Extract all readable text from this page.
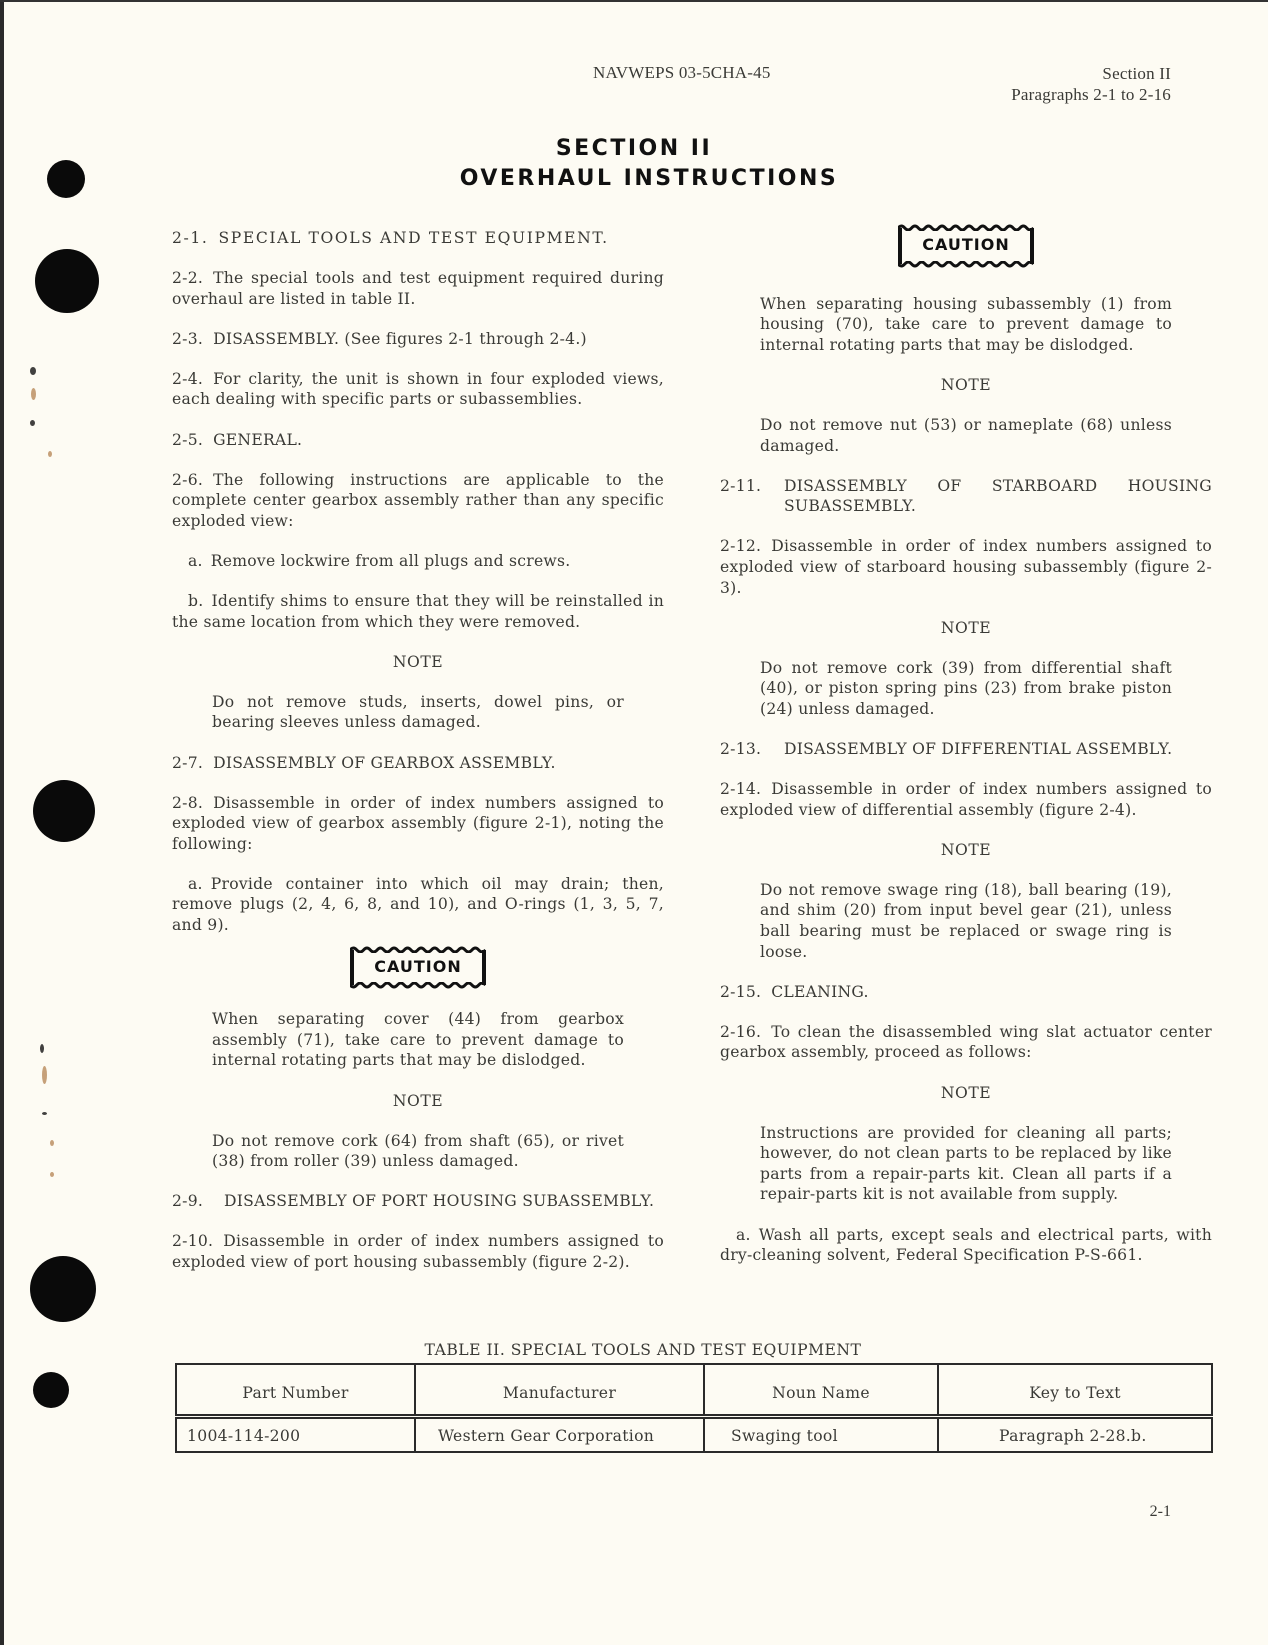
NAVWEPS 03-5CHA-45	Section II
Paragraphs 2-1 to 2-16
SECTION II
OVERHAUL INSTRUCTIONS

2-1. SPECIAL TOOLS AND TEST EQUIPMENT.

2-2. The special tools and test equipment required during overhaul are listed in table II.

2-3. DISASSEMBLY. (See figures 2-1 through 2-4.)

2-4. For clarity, the unit is shown in four exploded views, each dealing with specific parts or subassemblies.

2-5. GENERAL.

2-6. The following instructions are applicable to the complete center gearbox assembly rather than any specific exploded view:

a. Remove lockwire from all plugs and screws.

b. Identify shims to ensure that they will be reinstalled in the same location from which they were removed.

NOTE

Do not remove studs, inserts, dowel pins, or bearing sleeves unless damaged.

2-7. DISASSEMBLY OF GEARBOX ASSEMBLY.

2-8. Disassemble in order of index numbers assigned to exploded view of gearbox assembly (figure 2-1), noting the following:

a. Provide container into which oil may drain; then, remove plugs (2, 4, 6, 8, and 10), and O-rings (1, 3, 5, 7, and 9).

CAUTION

When separating cover (44) from gearbox assembly (71), take care to prevent damage to internal rotating parts that may be dislodged.

NOTE

Do not remove cork (64) from shaft (65), or rivet (38) from roller (39) unless damaged.

2-9. DISASSEMBLY OF PORT HOUSING SUBASSEMBLY.

2-10. Disassemble in order of index numbers assigned to exploded view of port housing subassembly (figure 2-2).

CAUTION

When separating housing subassembly (1) from housing (70), take care to prevent damage to internal rotating parts that may be dislodged.

NOTE

Do not remove nut (53) or nameplate (68) unless damaged.

2-11. DISASSEMBLY OF STARBOARD HOUSING SUBASSEMBLY.

2-12. Disassemble in order of index numbers assigned to exploded view of starboard housing subassembly (figure 2-3).

NOTE

Do not remove cork (39) from differential shaft (40), or piston spring pins (23) from brake piston (24) unless damaged.

2-13. DISASSEMBLY OF DIFFERENTIAL ASSEMBLY.

2-14. Disassemble in order of index numbers assigned to exploded view of differential assembly (figure 2-4).

NOTE

Do not remove swage ring (18), ball bearing (19), and shim (20) from input bevel gear (21), unless ball bearing must be replaced or swage ring is loose.

2-15. CLEANING.

2-16. To clean the disassembled wing slat actuator center gearbox assembly, proceed as follows:

NOTE

Instructions are provided for cleaning all parts; however, do not clean parts to be replaced by like parts from a repair-parts kit. Clean all parts if a repair-parts kit is not available from supply.

a. Wash all parts, except seals and electrical parts, with dry-cleaning solvent, Federal Specification P-S-661.

TABLE II. SPECIAL TOOLS AND TEST EQUIPMENT
Part Number	Manufacturer	Noun Name	Key to Text
1004-114-200	Western Gear Corporation	Swaging tool	Paragraph 2-28.b.
2-1
